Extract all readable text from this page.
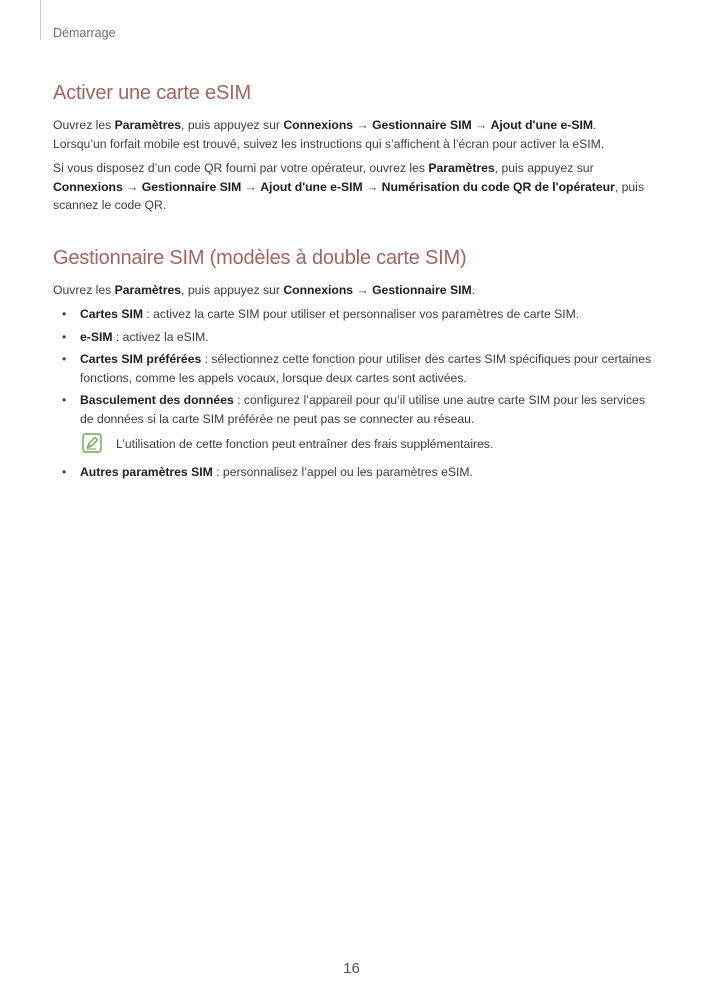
Démarrage
Activer une carte eSIM

Ouvrez les Paramètres, puis appuyez sur Connexions → Gestionnaire SIM → Ajout d'une e-SIM. Lorsqu’un forfait mobile est trouvé, suivez les instructions qui s’affichent à l’écran pour activer la eSIM.

Si vous disposez d’un code QR fourni par votre opérateur, ouvrez les Paramètres, puis appuyez sur
Connexions → Gestionnaire SIM → Ajout d'une e-SIM → Numérisation du code QR de l'opérateur, puis scannez le code QR.

Gestionnaire SIM (modèles à double carte SIM)

Ouvrez les Paramètres, puis appuyez sur Connexions → Gestionnaire SIM.

• Cartes SIM : activez la carte SIM pour utiliser et personnaliser vos paramètres de carte SIM.
• e-SIM : activez la eSIM.
• Cartes SIM préférées : sélectionnez cette fonction pour utiliser des cartes SIM spécifiques pour certaines fonctions, comme les appels vocaux, lorsque deux cartes sont activées.
• Basculement des données : configurez l’appareil pour qu’il utilise une autre carte SIM pour les services de données si la carte SIM préférée ne peut pas se connecter au réseau.
L’utilisation de cette fonction peut entraîner des frais supplémentaires.
• Autres paramètres SIM : personnalisez l’appel ou les paramètres eSIM.
16
